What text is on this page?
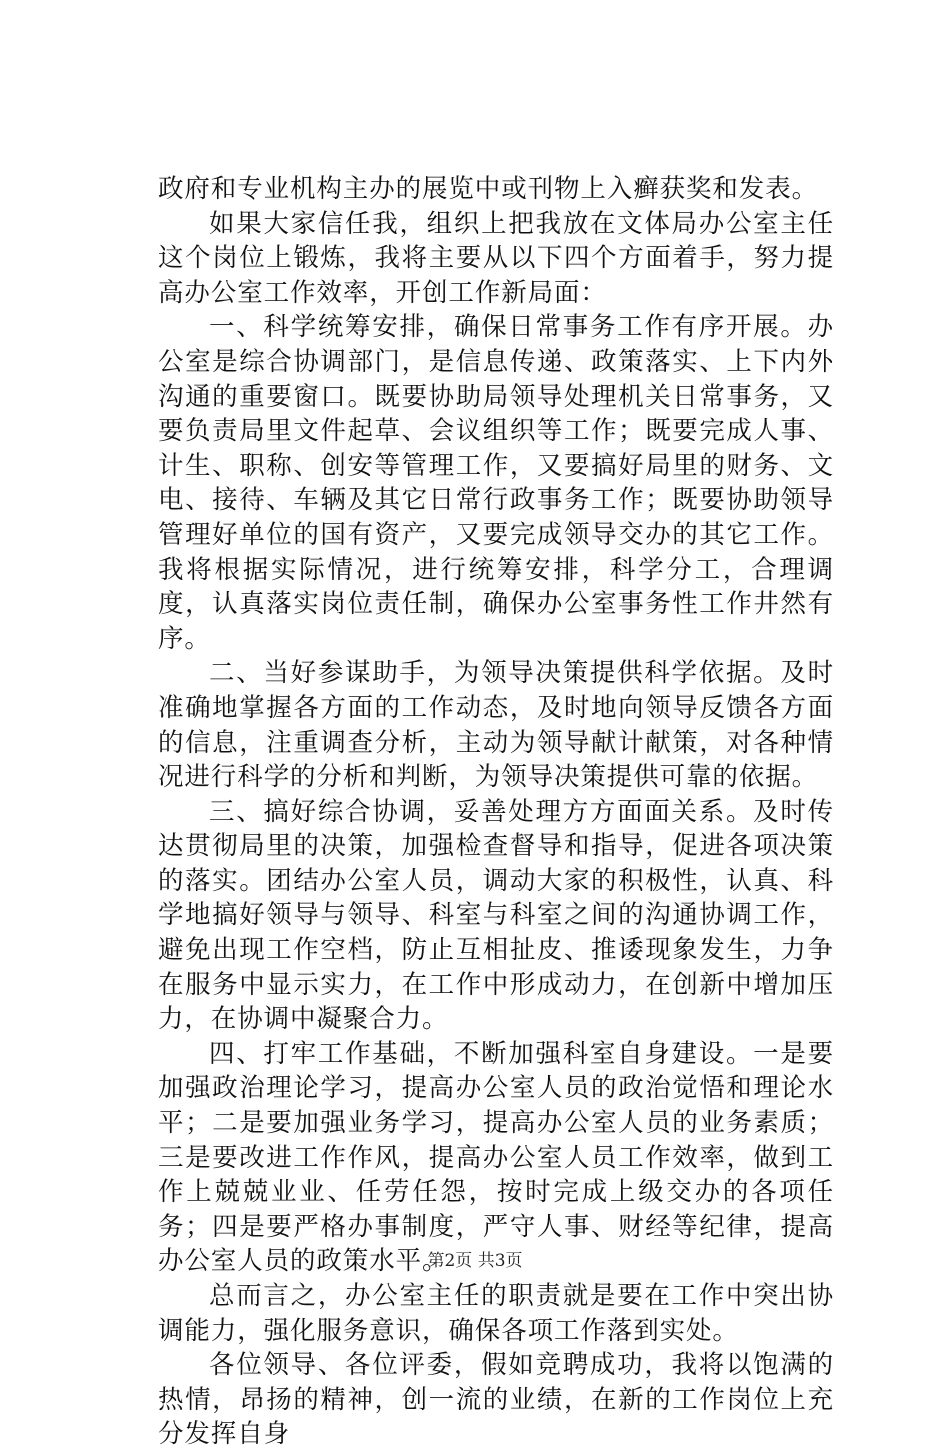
政府和专业机构主办的展览中或刊物上入癣获奖和发表。

如果大家信任我，组织上把我放在文体局办公室主任这个岗位上锻炼，我将主要从以下四个方面着手，努力提高办公室工作效率，开创工作新局面：

一、科学统筹安排，确保日常事务工作有序开展。办公室是综合协调部门，是信息传递、政策落实、上下内外沟通的重要窗口。既要协助局领导处理机关日常事务，又要负责局里文件起草、会议组织等工作；既要完成人事、计生、职称、创安等管理工作，又要搞好局里的财务、文电、接待、车辆及其它日常行政事务工作；既要协助领导管理好单位的国有资产，又要完成领导交办的其它工作。我将根据实际情况，进行统筹安排，科学分工，合理调度，认真落实岗位责任制，确保办公室事务性工作井然有序。

二、当好参谋助手，为领导决策提供科学依据。及时准确地掌握各方面的工作动态，及时地向领导反馈各方面的信息，注重调查分析，主动为领导献计献策，对各种情况进行科学的分析和判断，为领导决策提供可靠的依据。

三、搞好综合协调，妥善处理方方面面关系。及时传达贯彻局里的决策，加强检查督导和指导，促进各项决策的落实。团结办公室人员，调动大家的积极性，认真、科学地搞好领导与领导、科室与科室之间的沟通协调工作，避免出现工作空档，防止互相扯皮、推诿现象发生，力争在服务中显示实力，在工作中形成动力，在创新中增加压力，在协调中凝聚合力。

四、打牢工作基础，不断加强科室自身建设。一是要加强政治理论学习，提高办公室人员的政治觉悟和理论水平；二是要加强业务学习，提高办公室人员的业务素质；三是要改进工作作风，提高办公室人员工作效率，做到工作上兢兢业业、任劳任怨，按时完成上级交办的各项任务；四是要严格办事制度，严守人事、财经等纪律，提高办公室人员的政策水平。

总而言之，办公室主任的职责就是要在工作中突出协调能力，强化服务意识，确保各项工作落到实处。

各位领导、各位评委，假如竞聘成功，我将以饱满的热情，昂扬的精神，创一流的业绩，在新的工作岗位上充分发挥自身

第2页 共3页
